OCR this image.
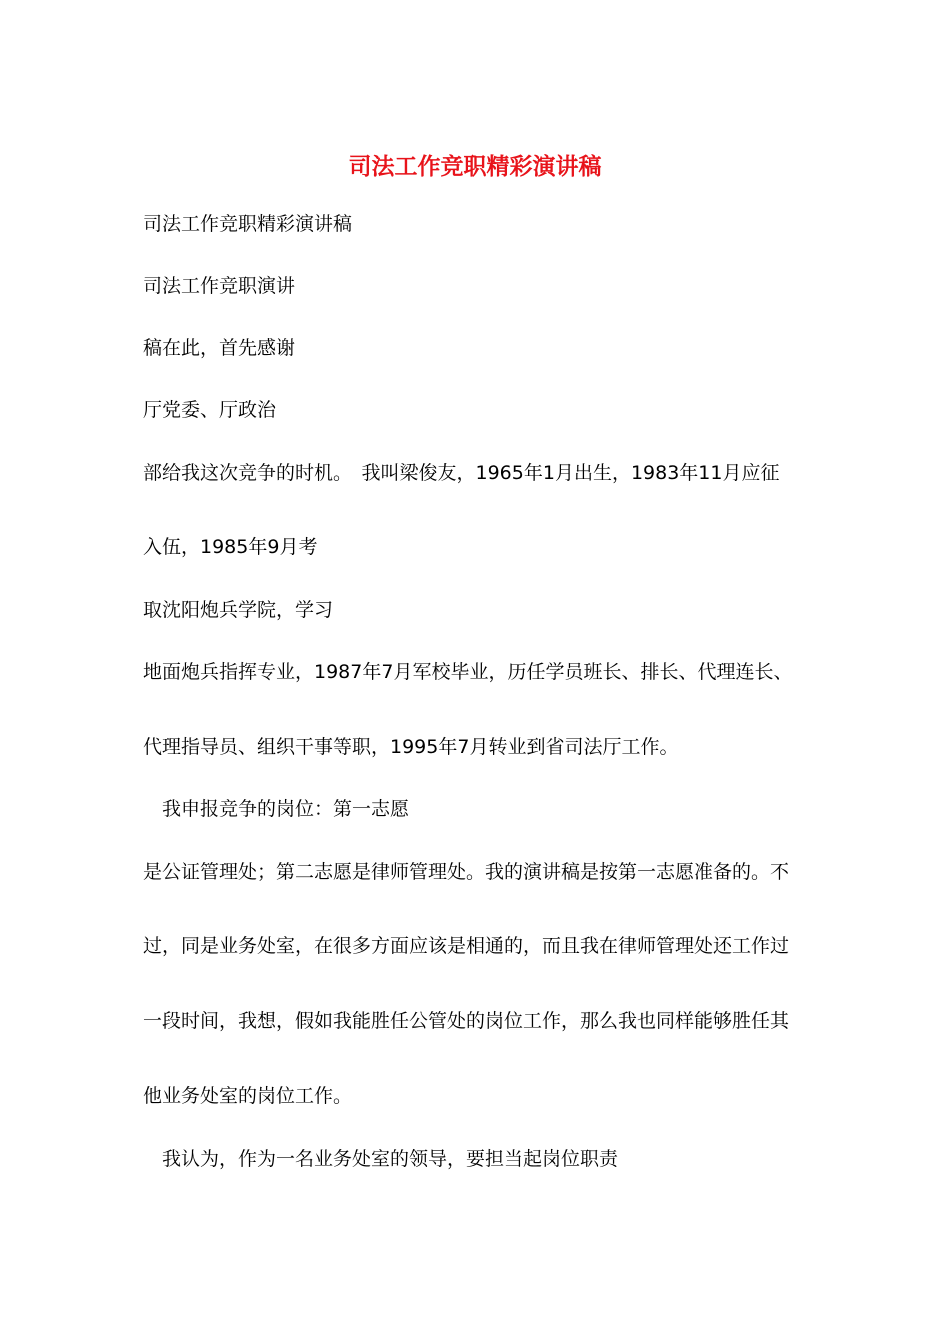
司法工作竞职精彩演讲稿

司法工作竞职精彩演讲稿

司法工作竞职演讲

稿在此，首先感谢

厅党委、厅政治

部给我这次竞争的时机。　我叫梁俊友，1965年1月出生，1983年11月应征

入伍，1985年9月考

取沈阳炮兵学院，学习

地面炮兵指挥专业，1987年7月军校毕业，历任学员班长、排长、代理连长、

代理指导员、组织干事等职，1995年7月转业到省司法厅工作。

我申报竞争的岗位：第一志愿

是公证管理处；第二志愿是律师管理处。我的演讲稿是按第一志愿准备的。不

过，同是业务处室，在很多方面应该是相通的，而且我在律师管理处还工作过

一段时间，我想，假如我能胜任公管处的岗位工作，那么我也同样能够胜任其

他业务处室的岗位工作。

我认为，作为一名业务处室的领导，要担当起岗位职责
